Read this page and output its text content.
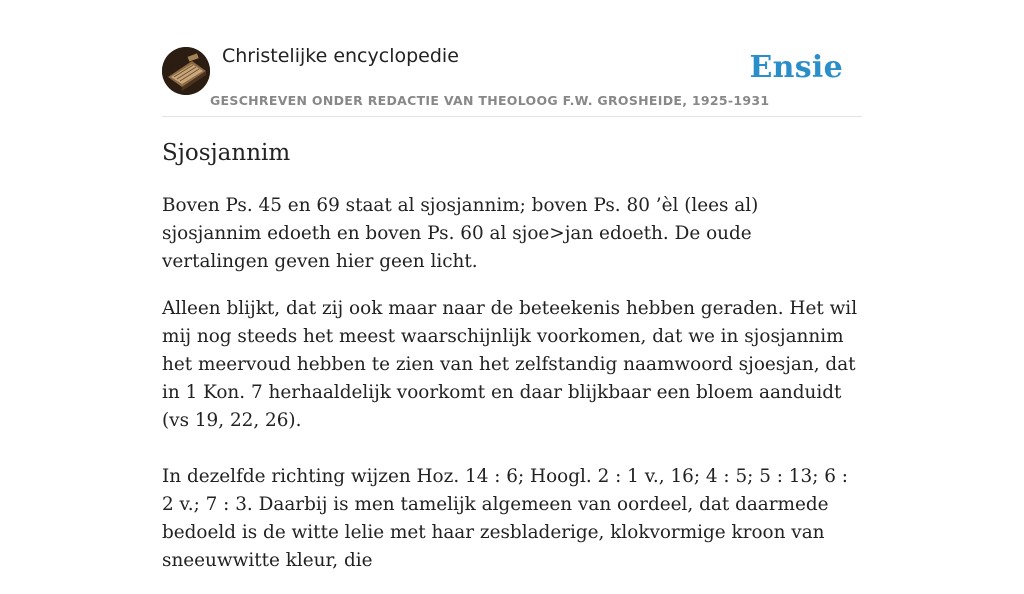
Christelijke encyclopedie
GESCHREVEN ONDER REDACTIE VAN THEOLOOG F.W. GROSHEIDE, 1925-1931
Ensie
Sjosjannim

Boven Ps. 45 en 69 staat al sjosjannim; boven Ps. 80 ’èl (lees al) sjosjannim edoeth en boven Ps. 60 al sjoe>jan edoeth. De oude vertalingen geven hier geen licht.

Alleen blijkt, dat zij ook maar naar de beteekenis hebben geraden. Het wil mij nog steeds het meest waarschijnlijk voorkomen, dat we in sjosjannim het meervoud hebben te zien van het zelfstandig naamwoord sjoesjan, dat in 1 Kon. 7 herhaaldelijk voorkomt en daar blijkbaar een bloem aanduidt (vs 19, 22, 26).

In dezelfde richting wijzen Hoz. 14 : 6; Hoogl. 2 : 1 v., 16; 4 : 5; 5 : 13; 6 : 2 v.; 7 : 3. Daarbij is men tamelijk algemeen van oordeel, dat daarmede bedoeld is de witte lelie met haar zesbladerige, klokvormige kroon van sneeuwwitte kleur, die
